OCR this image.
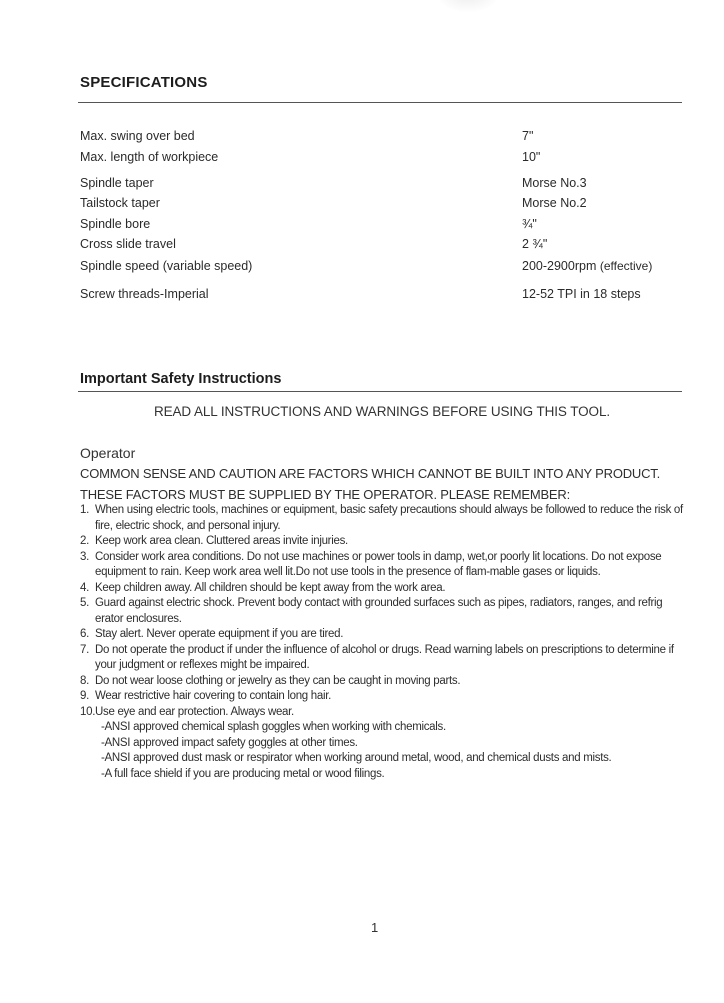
SPECIFICATIONS
Max. swing over bed	7"
Max. length of workpiece	10"
Spindle taper	Morse No.3
Tailstock taper	Morse No.2
Spindle bore	¾"
Cross slide travel	2 ¾"
Spindle speed (variable speed)	200-2900rpm (effective)
Screw threads-Imperial	12-52 TPI in 18 steps
Important Safety Instructions
READ ALL INSTRUCTIONS AND WARNINGS BEFORE USING THIS TOOL.
Operator
COMMON SENSE AND CAUTION ARE FACTORS WHICH CANNOT BE BUILT INTO ANY PRODUCT. THESE FACTORS MUST BE SUPPLIED BY THE OPERATOR. PLEASE REMEMBER:
1. When using electric tools, machines or equipment, basic safety precautions should always be followed to reduce the risk of fire, electric shock, and personal injury.
2. Keep work area clean. Cluttered areas invite injuries.
3. Consider work area conditions. Do not use machines or power tools in damp, wet,or poorly lit locations. Do not expose equipment to rain. Keep work area well lit.Do not use tools in the presence of flam-mable gases or liquids.
4. Keep children away. All children should be kept away from the work area.
5. Guard against electric shock. Prevent body contact with grounded surfaces such as pipes, radiators, ranges, and refrig erator enclosures.
6. Stay alert. Never operate equipment if you are tired.
7. Do not operate the product if under the influence of alcohol or drugs. Read warning labels on prescriptions to determine if your judgment or reflexes might be impaired.
8. Do not wear loose clothing or jewelry as they can be caught in moving parts.
9. Wear restrictive hair covering to contain long hair.
10. Use eye and ear protection. Always wear.
-ANSI approved chemical splash goggles when working with chemicals.
-ANSI approved impact safety goggles at other times.
-ANSI approved dust mask or respirator when working around metal, wood, and chemical dusts and mists.
-A full face shield if you are producing metal or wood filings.
1
